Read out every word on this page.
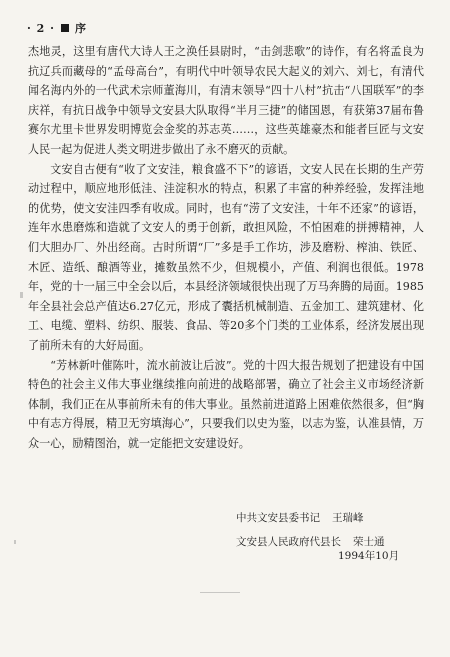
· 2 · 序

杰地灵，这里有唐代大诗人王之涣任县尉时，“击剑悲歌”的诗作，有名将孟良为抗辽兵而藏母的“孟母高台”，有明代中叶领导农民大起义的刘六、刘七，有清代闻名海内外的一代武术宗师董海川，有清末领导“四十八村”抗击“八国联军”的李庆祥，有抗日战争中领导文安县大队取得“半月三捷”的储国恩，有获第37届布鲁赛尔尤里卡世界发明博览会金奖的苏志英……，这些英雄豪杰和能者巨匠与文安人民一起为促进人类文明进步做出了永不磨灭的贡献。

文安自古便有“收了文安洼，粮食盛不下”的谚语，文安人民在长期的生产劳动过程中，顺应地形低洼、洼淀积水的特点，积累了丰富的种养经验，发挥洼地的优势，使文安洼四季有收成。同时，也有“涝了文安洼，十年不还家”的谚语，连年水患磨炼和造就了文安人的勇于创新，敢担风险，不怕困难的拼搏精神，人们大胆办厂、外出经商。古时所谓“厂”多是手工作坊，涉及磨粉、榨油、铁匠、木匠、造纸、酿酒等业，摊数虽然不少，但规模小，产值、利润也很低。1978年，党的十一届三中全会以后，本县经济领域很快出现了万马奔腾的局面。1985年全县社会总产值达6.27亿元，形成了囊括机械制造、五金加工、建筑建材、化工、电缆、塑料、纺织、服装、食品、等20多个门类的工业体系，经济发展出现了前所未有的大好局面。

“芳林新叶催陈叶，流水前波让后波”。党的十四大报告规划了把建设有中国特色的社会主义伟大事业继续推向前进的战略部署，确立了社会主义市场经济新体制，我们正在从事前所未有的伟大事业。虽然前进道路上困难依然很多，但“胸中有志方得展，精卫无穷填海心”，只要我们以史为鉴，以志为鉴，认准县情，万众一心，励精图治，就一定能把文安建设好。

中共文安县委书记 王瑞峰
文安县人民政府代县长 荣士通
1994年10月
